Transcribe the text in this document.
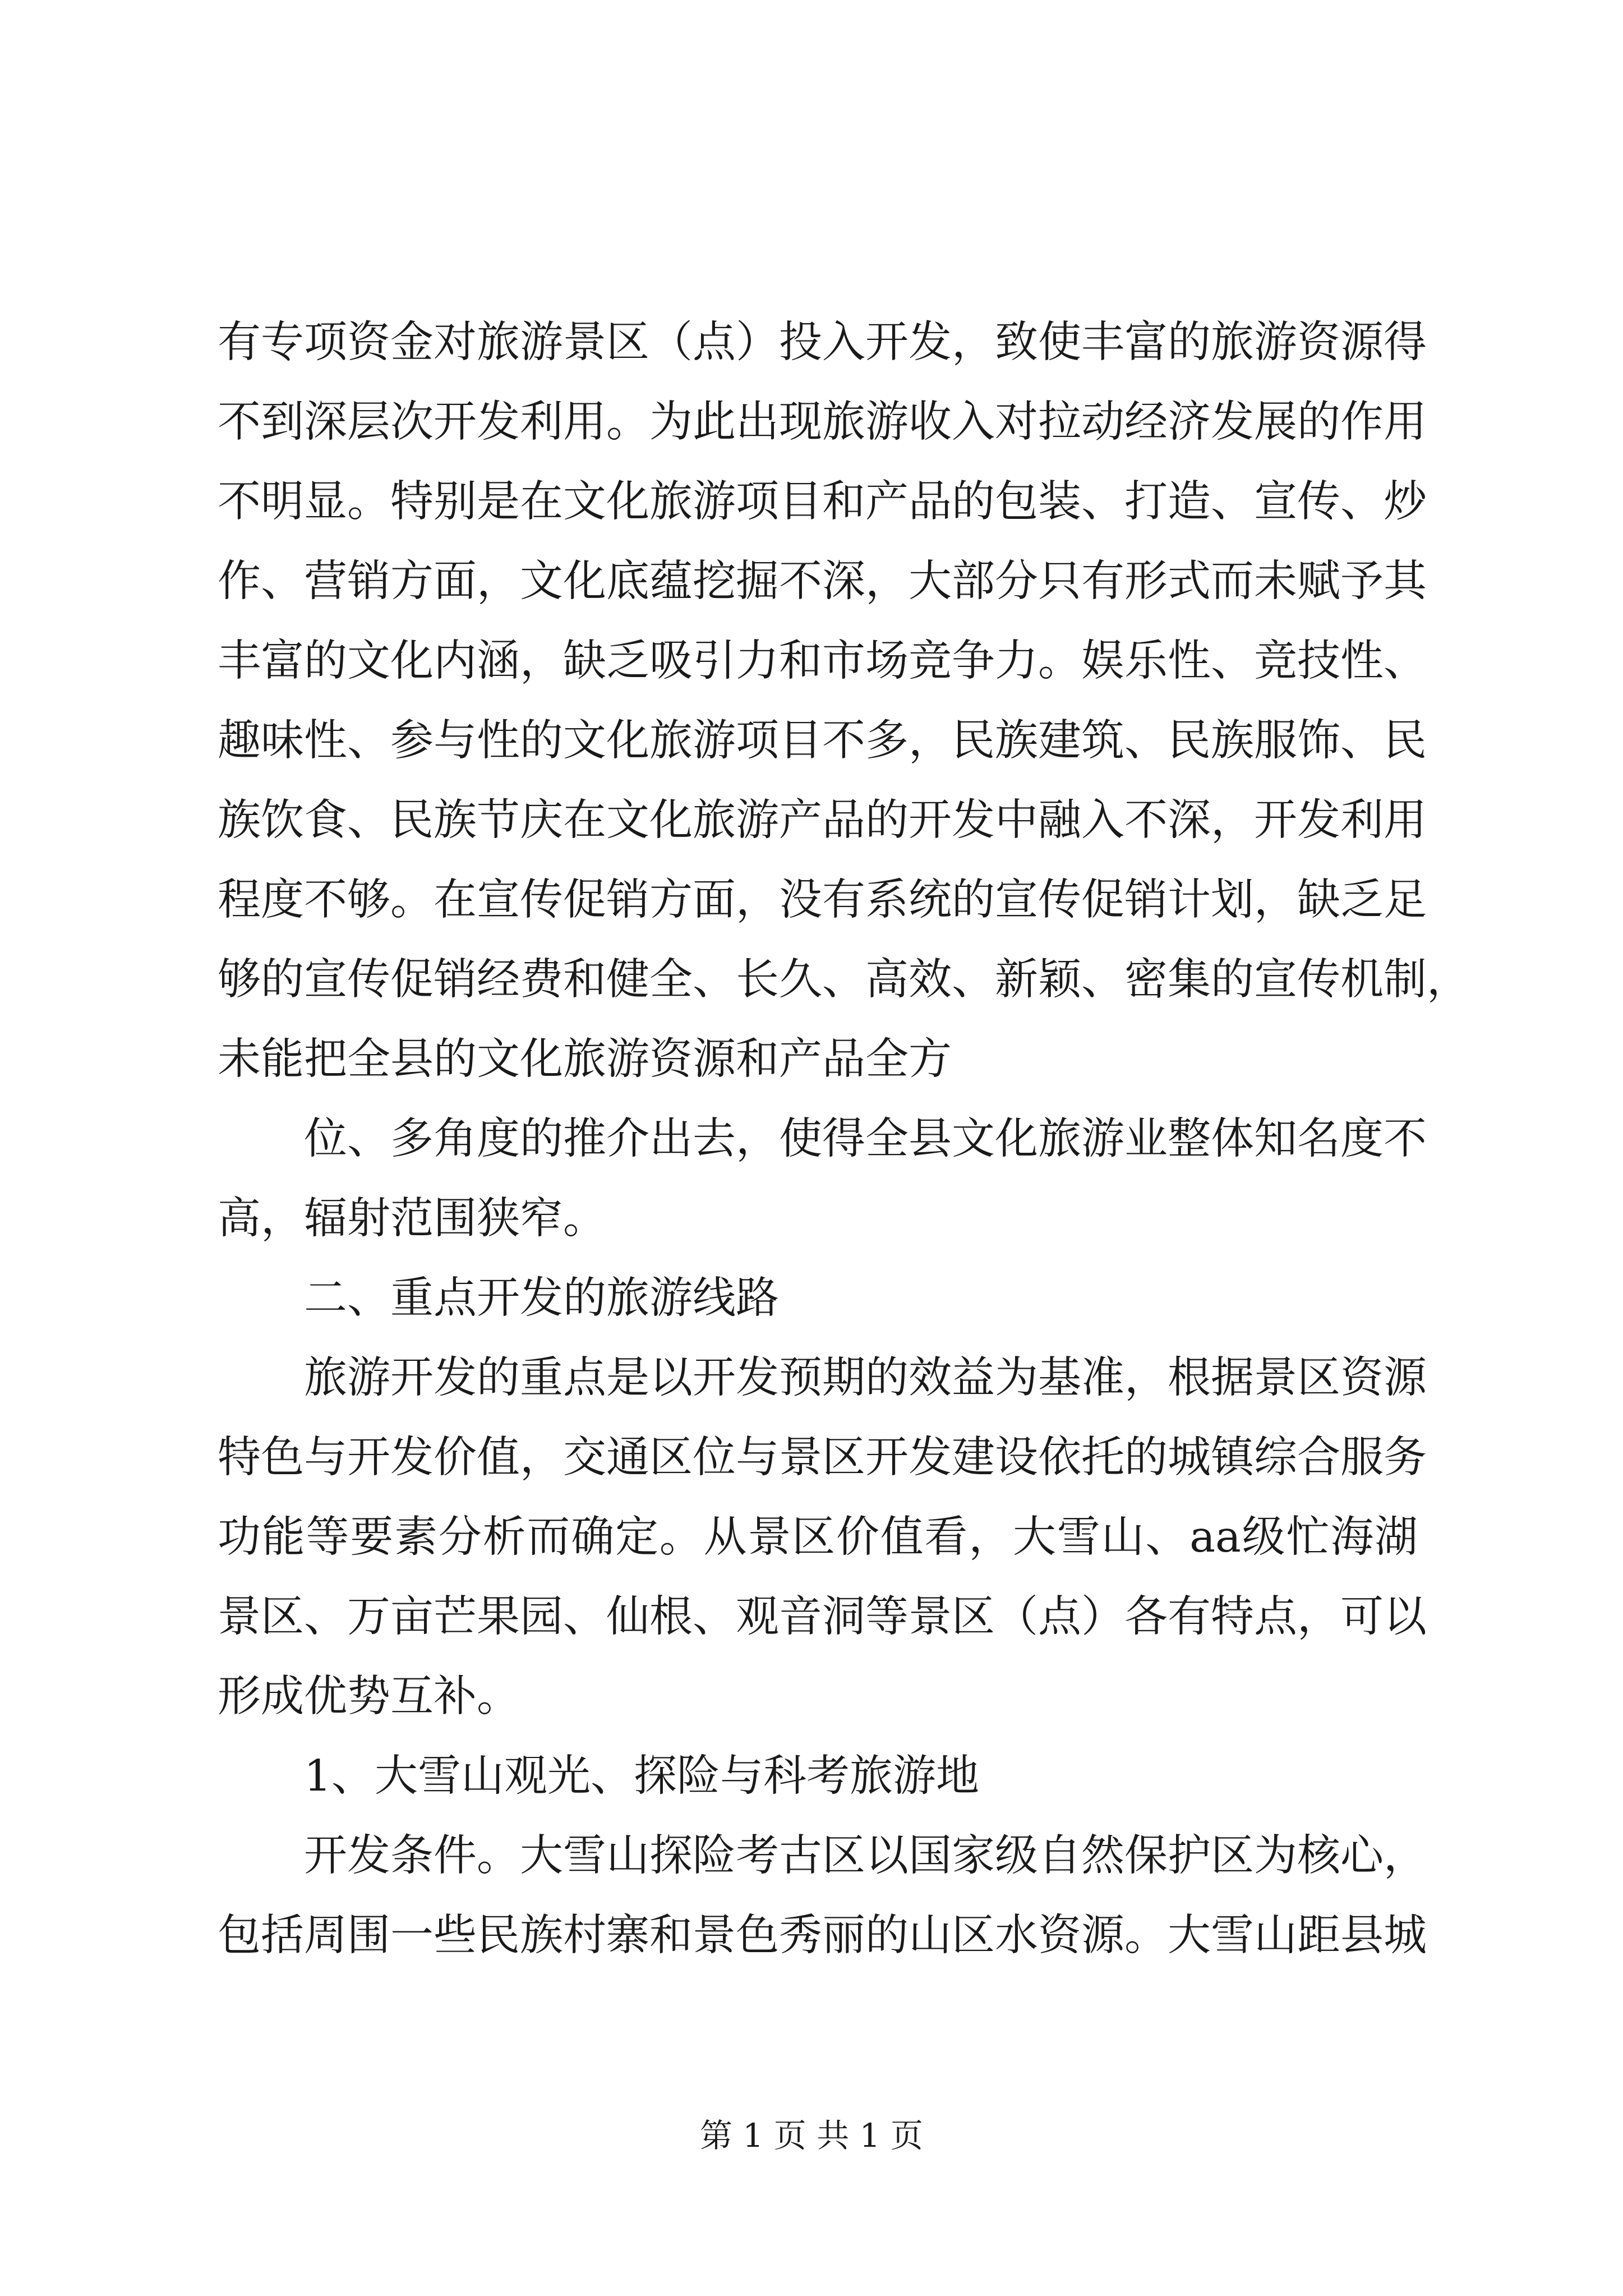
有专项资金对旅游景区（点）投入开发，致使丰富的旅游资源得
不到深层次开发利用。为此出现旅游收入对拉动经济发展的作用
不明显。特别是在文化旅游项目和产品的包装、打造、宣传、炒
作、营销方面，文化底蕴挖掘不深，大部分只有形式而未赋予其
丰富的文化内涵，缺乏吸引力和市场竞争力。娱乐性、竞技性、
趣味性、参与性的文化旅游项目不多，民族建筑、民族服饰、民
族饮食、民族节庆在文化旅游产品的开发中融入不深，开发利用
程度不够。在宣传促销方面，没有系统的宣传促销计划，缺乏足
够的宣传促销经费和健全、长久、高效、新颖、密集的宣传机制，
未能把全县的文化旅游资源和产品全方
位、多角度的推介出去，使得全县文化旅游业整体知名度不
高，辐射范围狭窄。
二、重点开发的旅游线路
旅游开发的重点是以开发预期的效益为基准，根据景区资源
特色与开发价值，交通区位与景区开发建设依托的城镇综合服务
功能等要素分析而确定。从景区价值看，大雪山、aa级忙海湖
景区、万亩芒果园、仙根、观音洞等景区（点）各有特点，可以
形成优势互补。
1、大雪山观光、探险与科考旅游地
开发条件。大雪山探险考古区以国家级自然保护区为核心，
包括周围一些民族村寨和景色秀丽的山区水资源。大雪山距县城
第 1 页 共 1 页
